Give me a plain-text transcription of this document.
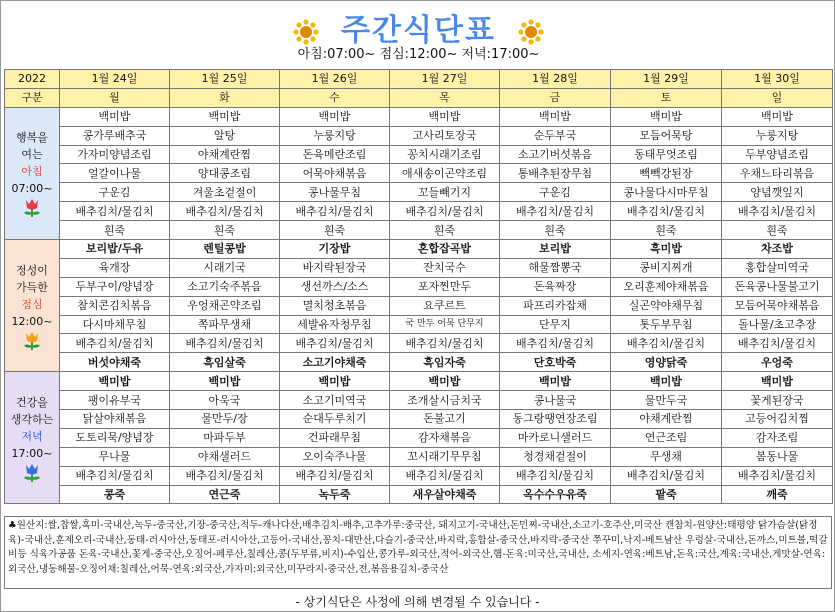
주간식단표
아침:07:00~ 점심:12:00~ 저녁:17:00~
2022	1월 24일	1월 25일	1월 26일	1월 27일	1월 28일	1월 29일	1월 30일
구분	월	화	수	목	금	토	일

행복을
여는
아침
07:00~	백미밥	백미밥	백미밥	백미밥	백미밥	백미밥	백미밥
	콩가루배추국	알탕	누룽지탕	고사리토장국	순두부국	모듬어묵탕	누룽지탕
	가자미양념조림	야채계란찜	돈육메란조림	꽁치시래기조림	소고기버섯볶음	동태무엇조림	두부양념조림
	얼갈이나물	양대콩조림	어묵야채볶음	애새송이곤약조림	통배추된장무침	빽빽강된장	우채느타리볶음
	구운김	겨울초겉절이	콩나물무침	꼬들빼기지	구운김	콩나물다시마무침	양념깻잎지
	배추김치/물김치	배추김치/물김치	배추김치/물김치	배추김치/물김치	배추김치/물김치	배추김치/물김치	배추김치/물김치
	흰죽	흰죽	흰죽	흰죽	흰죽	흰죽	흰죽

정성이
가득한
점심
12:00~	보리밥/두유	렌틸콩밥	기장밥	혼합잡곡밥	보리밥	흑미밥	차조밥
	육개장	시래기국	바지락된장국	잔치국수	해물짬뽕국	콩비지찌개	홍합살미역국
	두부구이/양념장	소고기숙주볶음	생선까스/소스	포자찐만두	돈육짜장	오리훈제야채볶음	돈육콩나물불고기
	참치콘김치볶음	우엉채곤약조림	멸치청초볶음	요쿠르트	파프리카잡채	실곤약야채무침	모듬어묵야채볶음
	다시마채무침	쪽파무생채	세발유자청무침	국 만두 어묵 단무지	단무지	톳두부무침	돌나물/초고추장
	배추김치/물김치	배추김치/물김치	배추김치/물김치	배추김치/물김치	배추김치/물김치	배추김치/물김치	배추김치/물김치
	버섯야채죽	흑임살죽	소고기야채죽	흑임자죽	단호박죽	영양닭죽	우엉죽

건강을
생각하는
저녁
17:00~	백미밥	백미밥	백미밥	백미밥	백미밥	백미밥	백미밥
	팽이유부국	아욱국	소고기미역국	조개살시금치국	콩나물국	물만두국	꽃게된장국
	닭살야채볶음	물만두/장	순대두루치기	돈불고기	동그랑땡연장조림	야채계란찜	고등어김치찜
	도토리묵/양념장	마파두부	건파래무침	감자채볶음	마카로니샐러드	연근조림	감자조림
	무나물	야채샐러드	오이숙주나물	꼬시래기무무침	청경채겉절이	무생채	봄동나물
	배추김치/물김치	배추김치/물김치	배추김치/물김치	배추김치/물김치	배추김치/물김치	배추김치/물김치	배추김치/물김치
	콩죽	연근죽	녹두죽	새우살야채죽	옥수수우유죽	팥죽	깨죽
♣원산지:쌀,찹쌀,흑미-국내산,녹두-중국산,기장-중국산,적두-캐나다산,배추김치-배추,고추가루:중국산, 돼지고기-국내산,돈민찌-국내산,소고기-호주산,미국산 캔참치-원양산:태평양 닭가슴살(닭정육)-국내산,훈제오리-국내산,동태-러시아산,동태포-러시아산,고등어-국내산,꽁치-대만산,다슬기-중국산,바지락,홍합살-중국산,바지락-중국산 쭈꾸미,낙지-베트남산 우렁살-국내산,돈까스,미트볼,떡갈비등 식육가공품 돈육-국내산,꽃게-중국산,오징어-페루산,칠레산,콩(두부류,비지)-수입산,콩가루-외국산,적어-외국산,햄-돈육:미국산,국내산, 소세지-연육:베트남,돈육:국산,계육:국내산,게맛살-연육:외국산,냉동해물-오징어채:칠레산,어묵-연육:외국산,가자미:외국산,미꾸라지-중국산,전,볶음용김치-중국산
- 상기식단은 사정에 의해 변경될 수 있습니다 -
